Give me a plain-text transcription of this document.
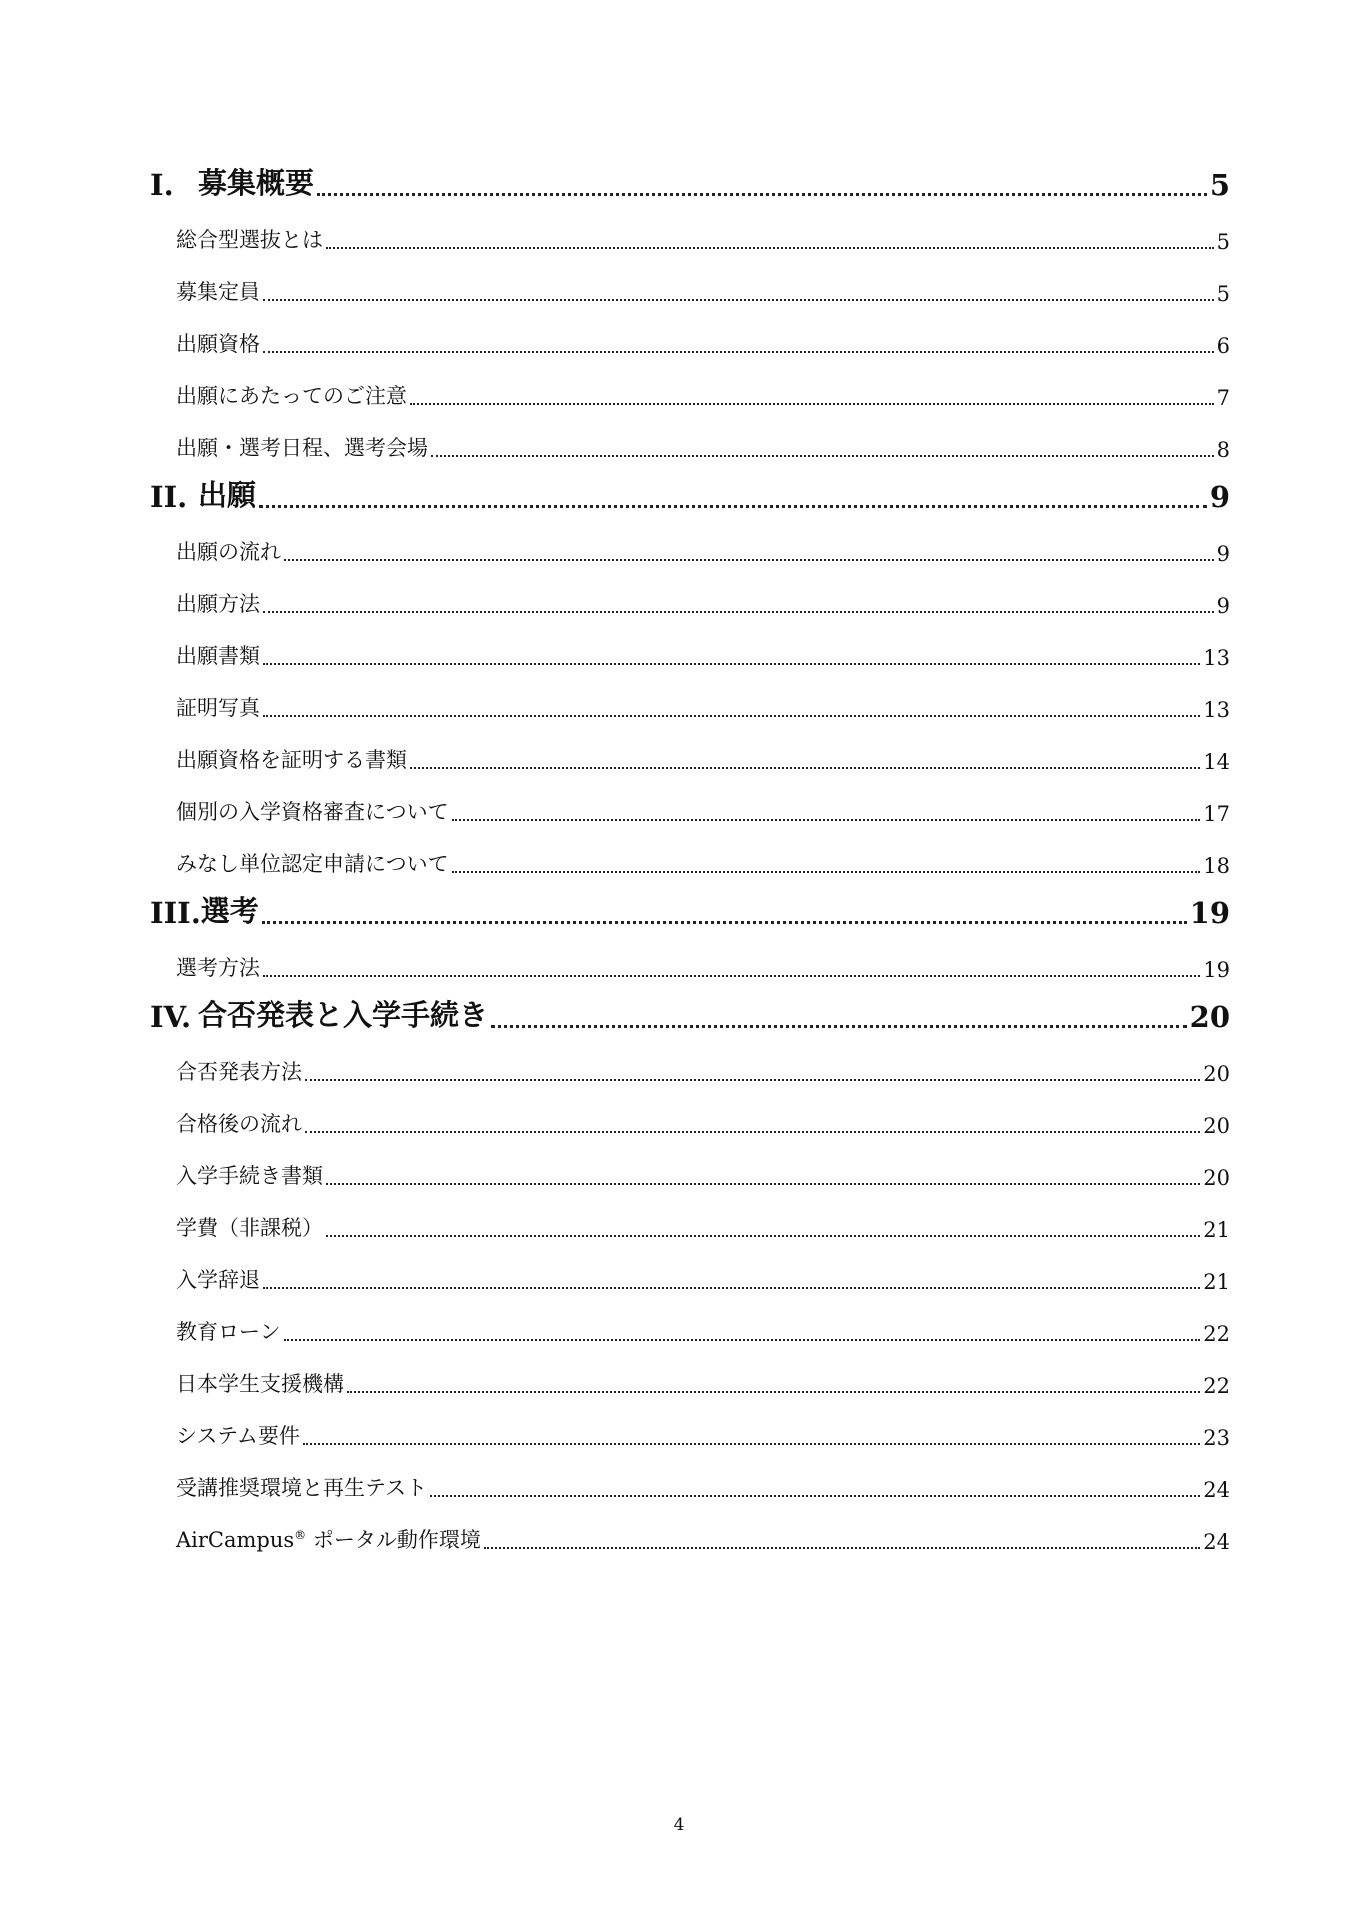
I. 募集概要	5
総合型選抜とは	5
募集定員	5
出願資格	6
出願にあたってのご注意	7
出願・選考日程、選考会場	8
II. 出願	9
出願の流れ	9
出願方法	9
出願書類	13
証明写真	13
出願資格を証明する書類	14
個別の入学資格審査について	17
みなし単位認定申請について	18
III. 選考	19
選考方法	19
IV. 合否発表と入学手続き	20
合否発表方法	20
合格後の流れ	20
入学手続き書類	20
学費（非課税）	21
入学辞退	21
教育ローン	22
日本学生支援機構	22
システム要件	23
受講推奨環境と再生テスト	24
AirCampus® ポータル動作環境	24
4
